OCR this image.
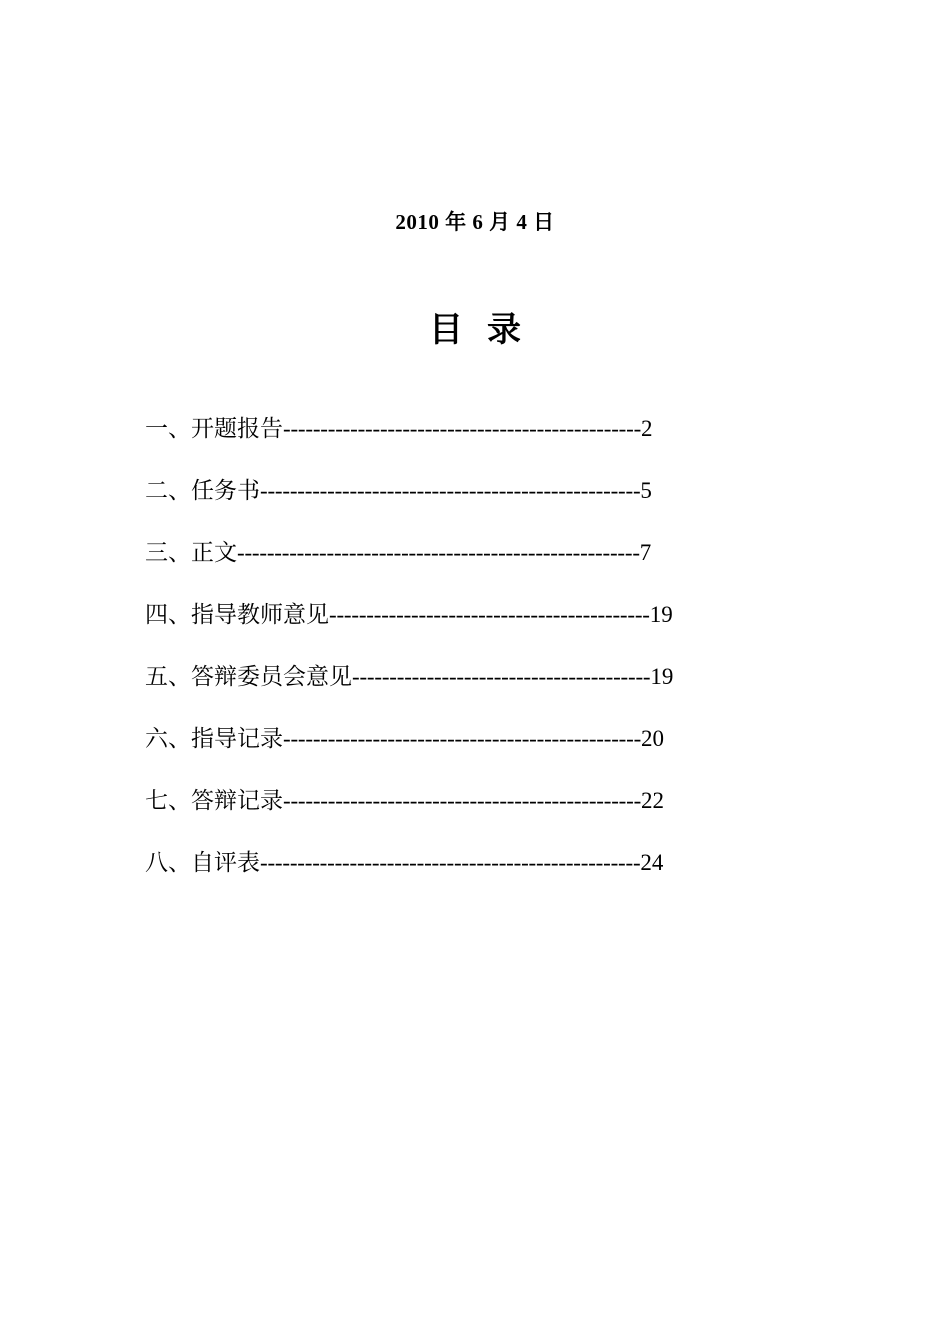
2010 年 6 月 4 日
目录
一、开题报告 ------------------------------------------------ 2
二、任务书 --------------------------------------------------- 5
三、正文 ------------------------------------------------------ 7
四、指导教师意见 ------------------------------------------- 19
五、答辩委员会意见 ---------------------------------------- 19
六、指导记录 ------------------------------------------------ 20
七、答辩记录 ------------------------------------------------ 22
八、自评表 --------------------------------------------------- 24
